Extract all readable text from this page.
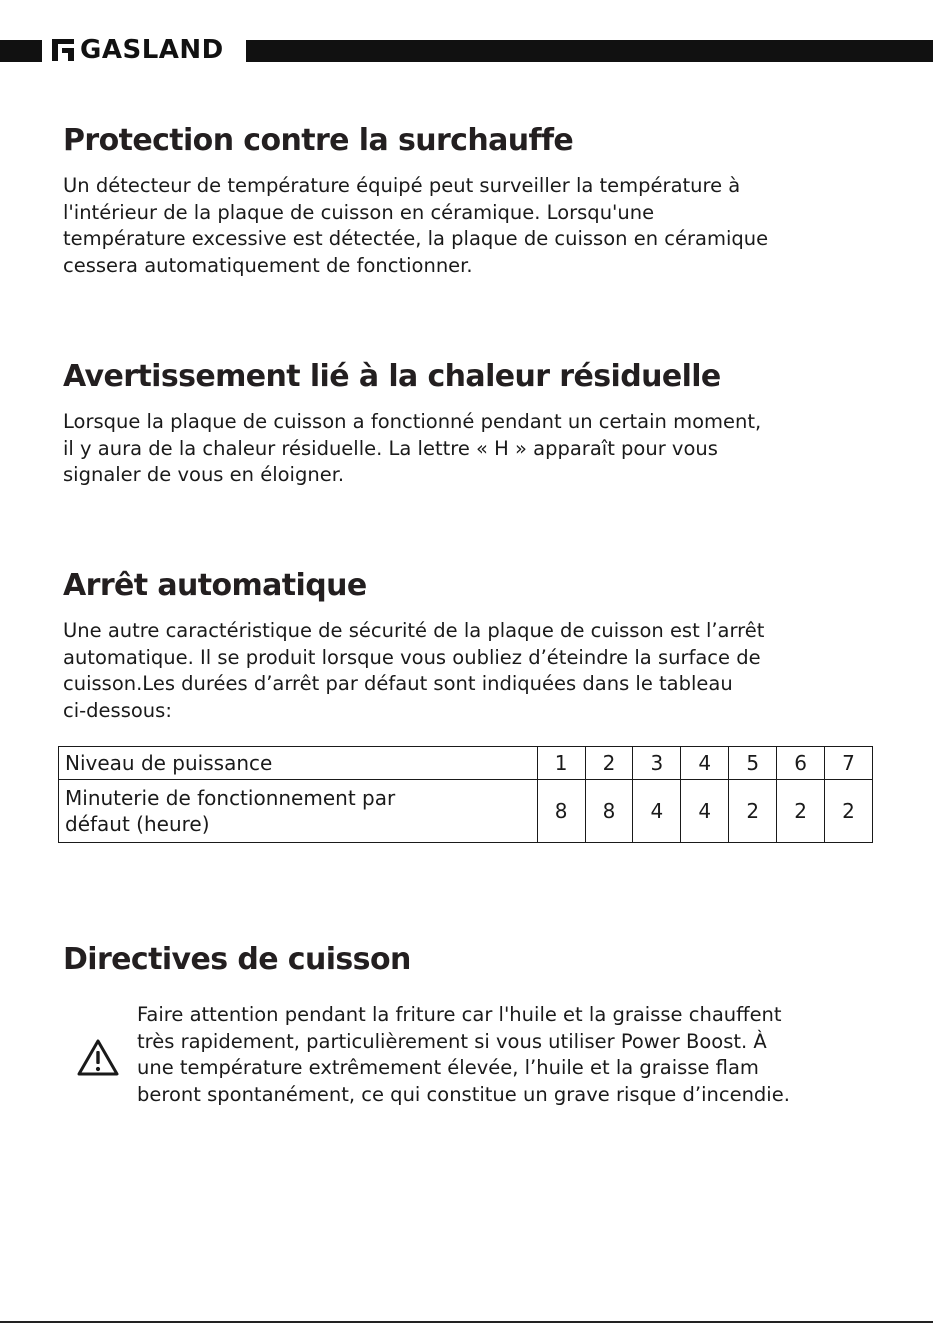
GASLAND
Protection contre la surchauffe

Un détecteur de température équipé peut surveiller la température à
l'intérieur de la plaque de cuisson en céramique. Lorsqu'une
température excessive est détectée, la plaque de cuisson en céramique
cessera automatiquement de fonctionner.

Avertissement lié à la chaleur résiduelle

Lorsque la plaque de cuisson a fonctionné pendant un certain moment,
il y aura de la chaleur résiduelle. La lettre « H » apparaît pour vous
signaler de vous en éloigner.

Arrêt automatique

Une autre caractéristique de sécurité de la plaque de cuisson est l’arrêt
automatique. Il se produit lorsque vous oubliez d’éteindre la surface de
cuisson.Les durées d’arrêt par défaut sont indiquées dans le tableau
ci-dessous:

Niveau de puissance	1	2	3	4	5	6	7

Minuterie de fonctionnement par
défaut (heure)	8	8	4	4	2	2	2
Directives de cuisson

Faire attention pendant la friture car l'huile et la graisse chauffent
très rapidement, particulièrement si vous utiliser Power Boost. À
une température extrêmement élevée, l’huile et la graisse flam
beront spontanément, ce qui constitue un grave risque d’incendie.
